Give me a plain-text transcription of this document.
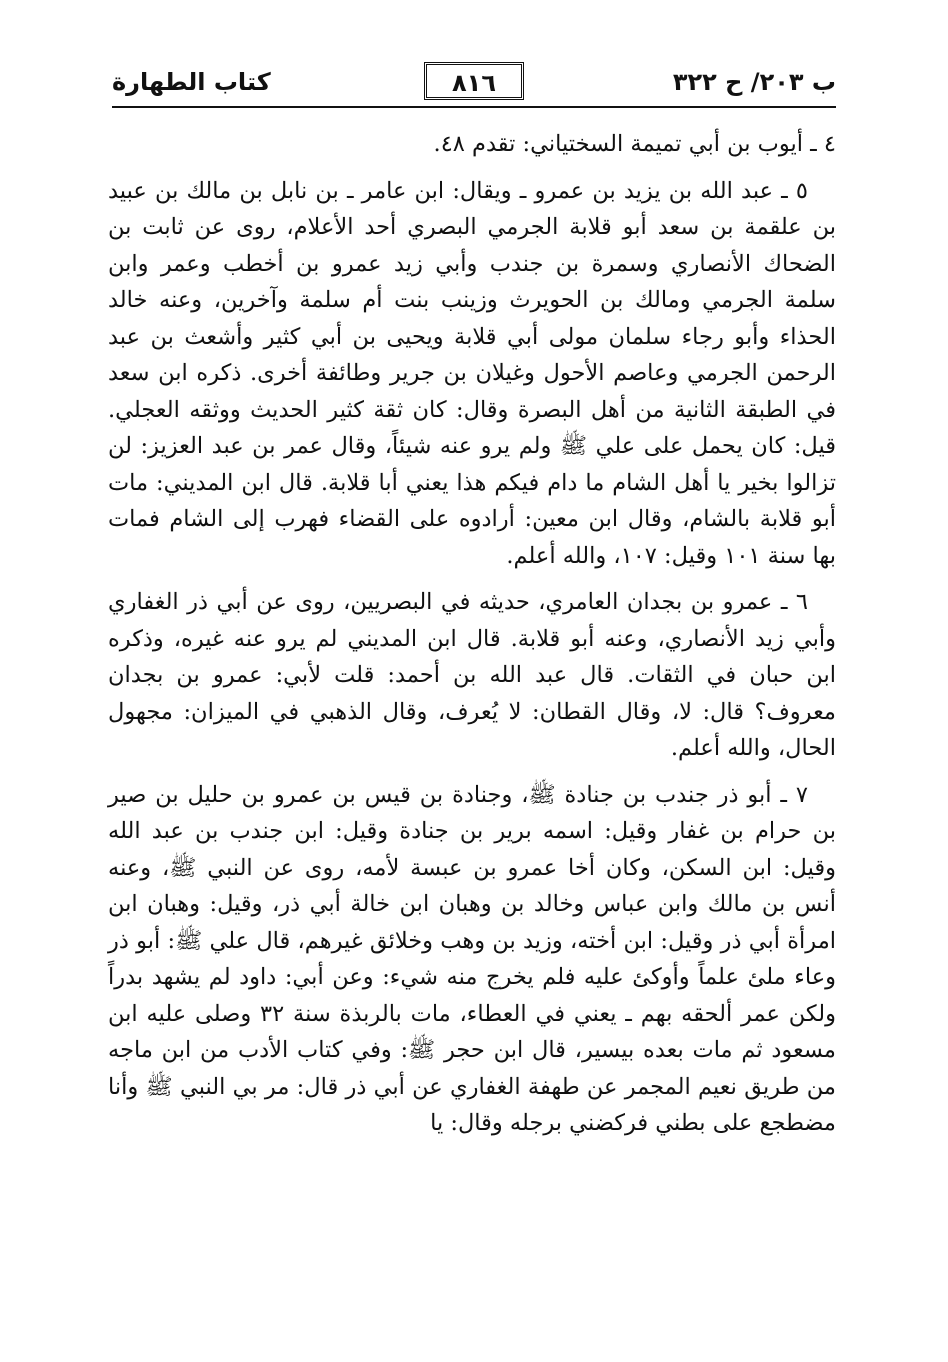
ب ٢٠٣/ ح ٣٢٢
٨١٦
كتاب الطهارة

٤ ـ أيوب بن أبي تميمة السختياني: تقدم ٤٨.

٥ ـ عبد الله بن يزيد بن عمرو ـ ويقال: ابن عامر ـ بن نابل بن مالك بن عبيد بن علقمة بن سعد أبو قلابة الجرمي البصري أحد الأعلام، روى عن ثابت بن الضحاك الأنصاري وسمرة بن جندب وأبي زيد عمرو بن أخطب وعمر وابن سلمة الجرمي ومالك بن الحويرث وزينب بنت أم سلمة وآخرين، وعنه خالد الحذاء وأبو رجاء سلمان مولى أبي قلابة ويحيى بن أبي كثير وأشعث بن عبد الرحمن الجرمي وعاصم الأحول وغيلان بن جرير وطائفة أخرى. ذكره ابن سعد في الطبقة الثانية من أهل البصرة وقال: كان ثقة كثير الحديث ووثقه العجلي. قيل: كان يحمل على علي ﷺ ولم يرو عنه شيئاً، وقال عمر بن عبد العزيز: لن تزالوا بخير يا أهل الشام ما دام فيكم هذا يعني أبا قلابة. قال ابن المديني: مات أبو قلابة بالشام، وقال ابن معين: أرادوه على القضاء فهرب إلى الشام فمات بها سنة ١٠١ وقيل: ١٠٧، والله أعلم.

٦ ـ عمرو بن بجدان العامري، حديثه في البصريين، روى عن أبي ذر الغفاري وأبي زيد الأنصاري، وعنه أبو قلابة. قال ابن المديني لم يرو عنه غيره، وذكره ابن حبان في الثقات. قال عبد الله بن أحمد: قلت لأبي: عمرو بن بجدان معروف؟ قال: لا، وقال القطان: لا يُعرف، وقال الذهبي في الميزان: مجهول الحال، والله أعلم.

٧ ـ أبو ذر جندب بن جنادة ﷺ، وجنادة بن قيس بن عمرو بن حليل بن صير بن حرام بن غفار وقيل: اسمه برير بن جنادة وقيل: ابن جندب بن عبد الله وقيل: ابن السكن، وكان أخا عمرو بن عبسة لأمه، روى عن النبي ﷺ، وعنه أنس بن مالك وابن عباس وخالد بن وهبان ابن خالة أبي ذر، وقيل: وهبان ابن امرأة أبي ذر وقيل: ابن أخته، وزيد بن وهب وخلائق غيرهم، قال علي ﷺ: أبو ذر وعاء ملئ علماً وأوكئ عليه فلم يخرج منه شيء: وعن أبي: داود لم يشهد بدراً ولكن عمر ألحقه بهم ـ يعني في العطاء، مات بالربذة سنة ٣٢ وصلى عليه ابن مسعود ثم مات بعده بيسير، قال ابن حجر ﷺ: وفي كتاب الأدب من ابن ماجه من طريق نعيم المجمر عن طهفة الغفاري عن أبي ذر قال: مر بي النبي ﷺ وأنا مضطجع على بطني فركضني برجله وقال: يا
